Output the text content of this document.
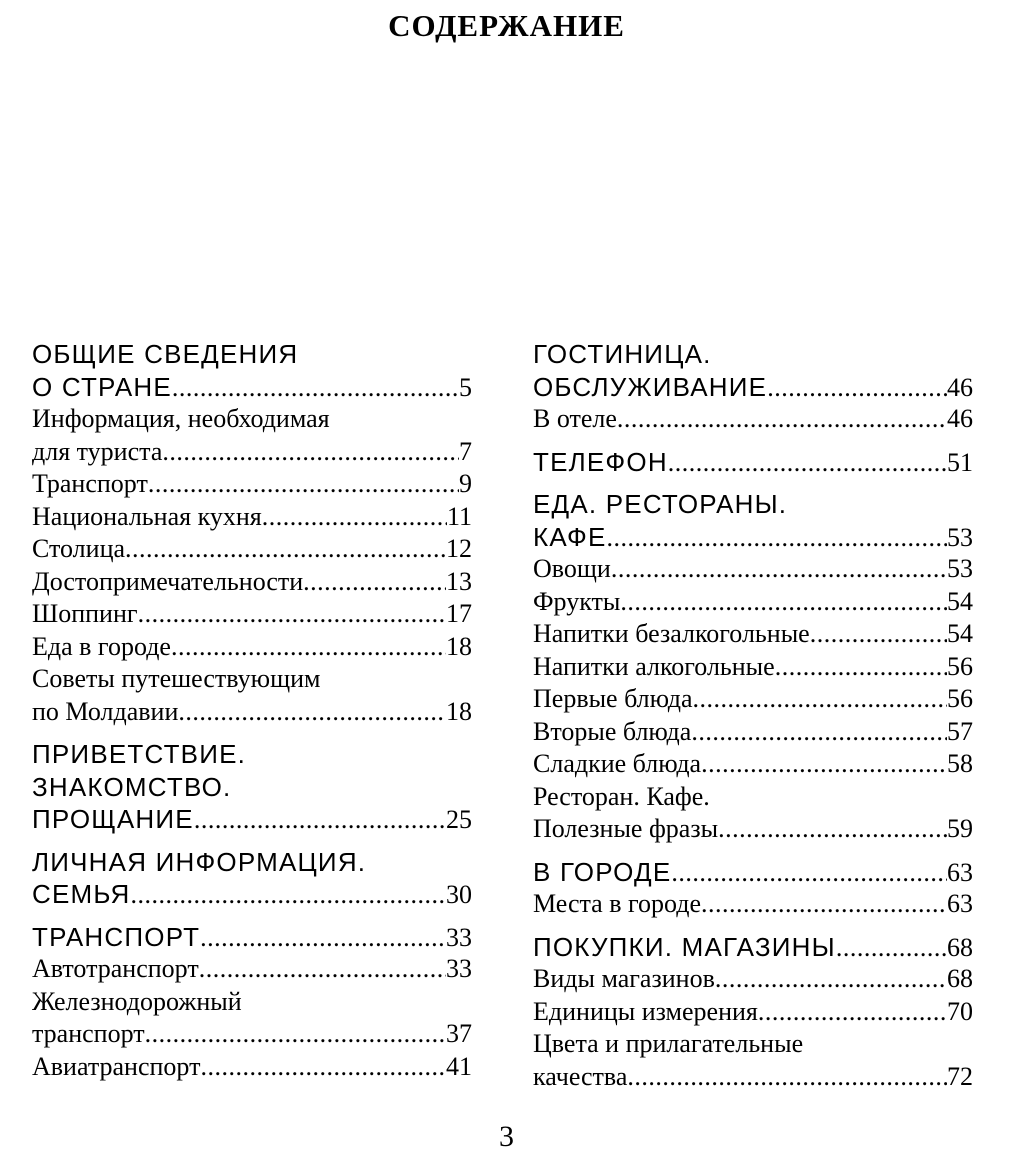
СОДЕРЖАНИЕ
ОБЩИЕ СВЕДЕНИЯ
О СТРАНЕ .....	5
Информация, необходимая
для туриста .....	7
Транспорт .....	9
Национальная кухня .....	11
Столица .....	12
Достопримечательности .....	13
Шоппинг .....	17
Еда в городе .....	18
Советы путешествующим
по Молдавии .....	18
ПРИВЕТСТВИЕ.
ЗНАКОМСТВО.
ПРОЩАНИЕ .....	25
ЛИЧНАЯ ИНФОРМАЦИЯ.
СЕМЬЯ .....	30
ТРАНСПОРТ .....	33
Автотранспорт .....	33
Железнодорожный
транспорт .....	37
Авиатранспорт .....	41
ГОСТИНИЦА.
ОБСЛУЖИВАНИЕ .....	46
В отеле .....	46
ТЕЛЕФОН .....	51
ЕДА. РЕСТОРАНЫ.
КАФЕ .....	53
Овощи .....	53
Фрукты .....	54
Напитки безалкогольные .....	54
Напитки алкогольные .....	56
Первые блюда .....	56
Вторые блюда .....	57
Сладкие блюда .....	58
Ресторан. Кафе.
Полезные фразы .....	59
В ГОРОДЕ .....	63
Места в городе .....	63
ПОКУПКИ. МАГАЗИНЫ .....	68
Виды магазинов .....	68
Единицы измерения .....	70
Цвета и прилагательные
качества .....	72
3
